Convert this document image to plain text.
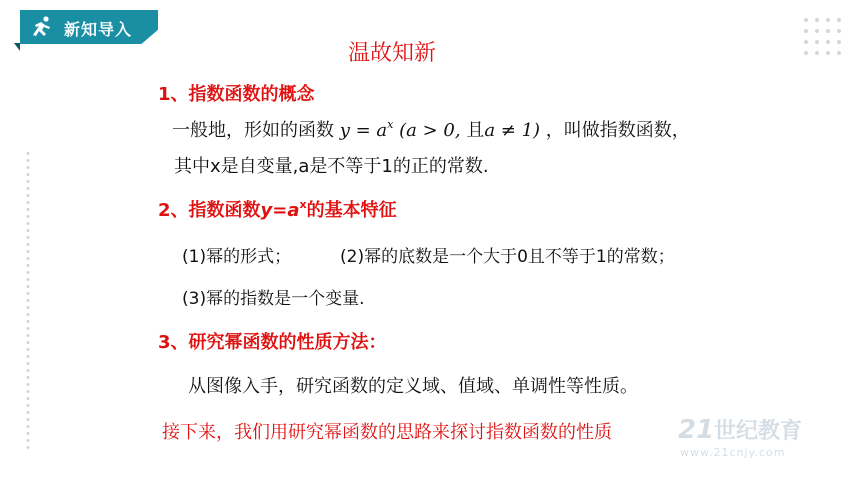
新知导入
温故知新
1、指数函数的概念
一般地，形如的函数 $y = a^x$ (a > 0, 且a ≠ 1) ，叫做指数函数，
其中x是自变量,a是不等于1的正的常数.
2、指数函数$y=a^x$的基本特征
(1)幂的形式；	(2)幂的底数是一个大于0且不等于1的常数；
(3)幂的指数是一个变量.
3、研究幂函数的性质方法：
从图像入手，研究函数的定义域、值域、单调性等性质。
接下来，我们用研究幂函数的思路来探讨指数函数的性质	21 世纪教育
www.21cnjy.com
